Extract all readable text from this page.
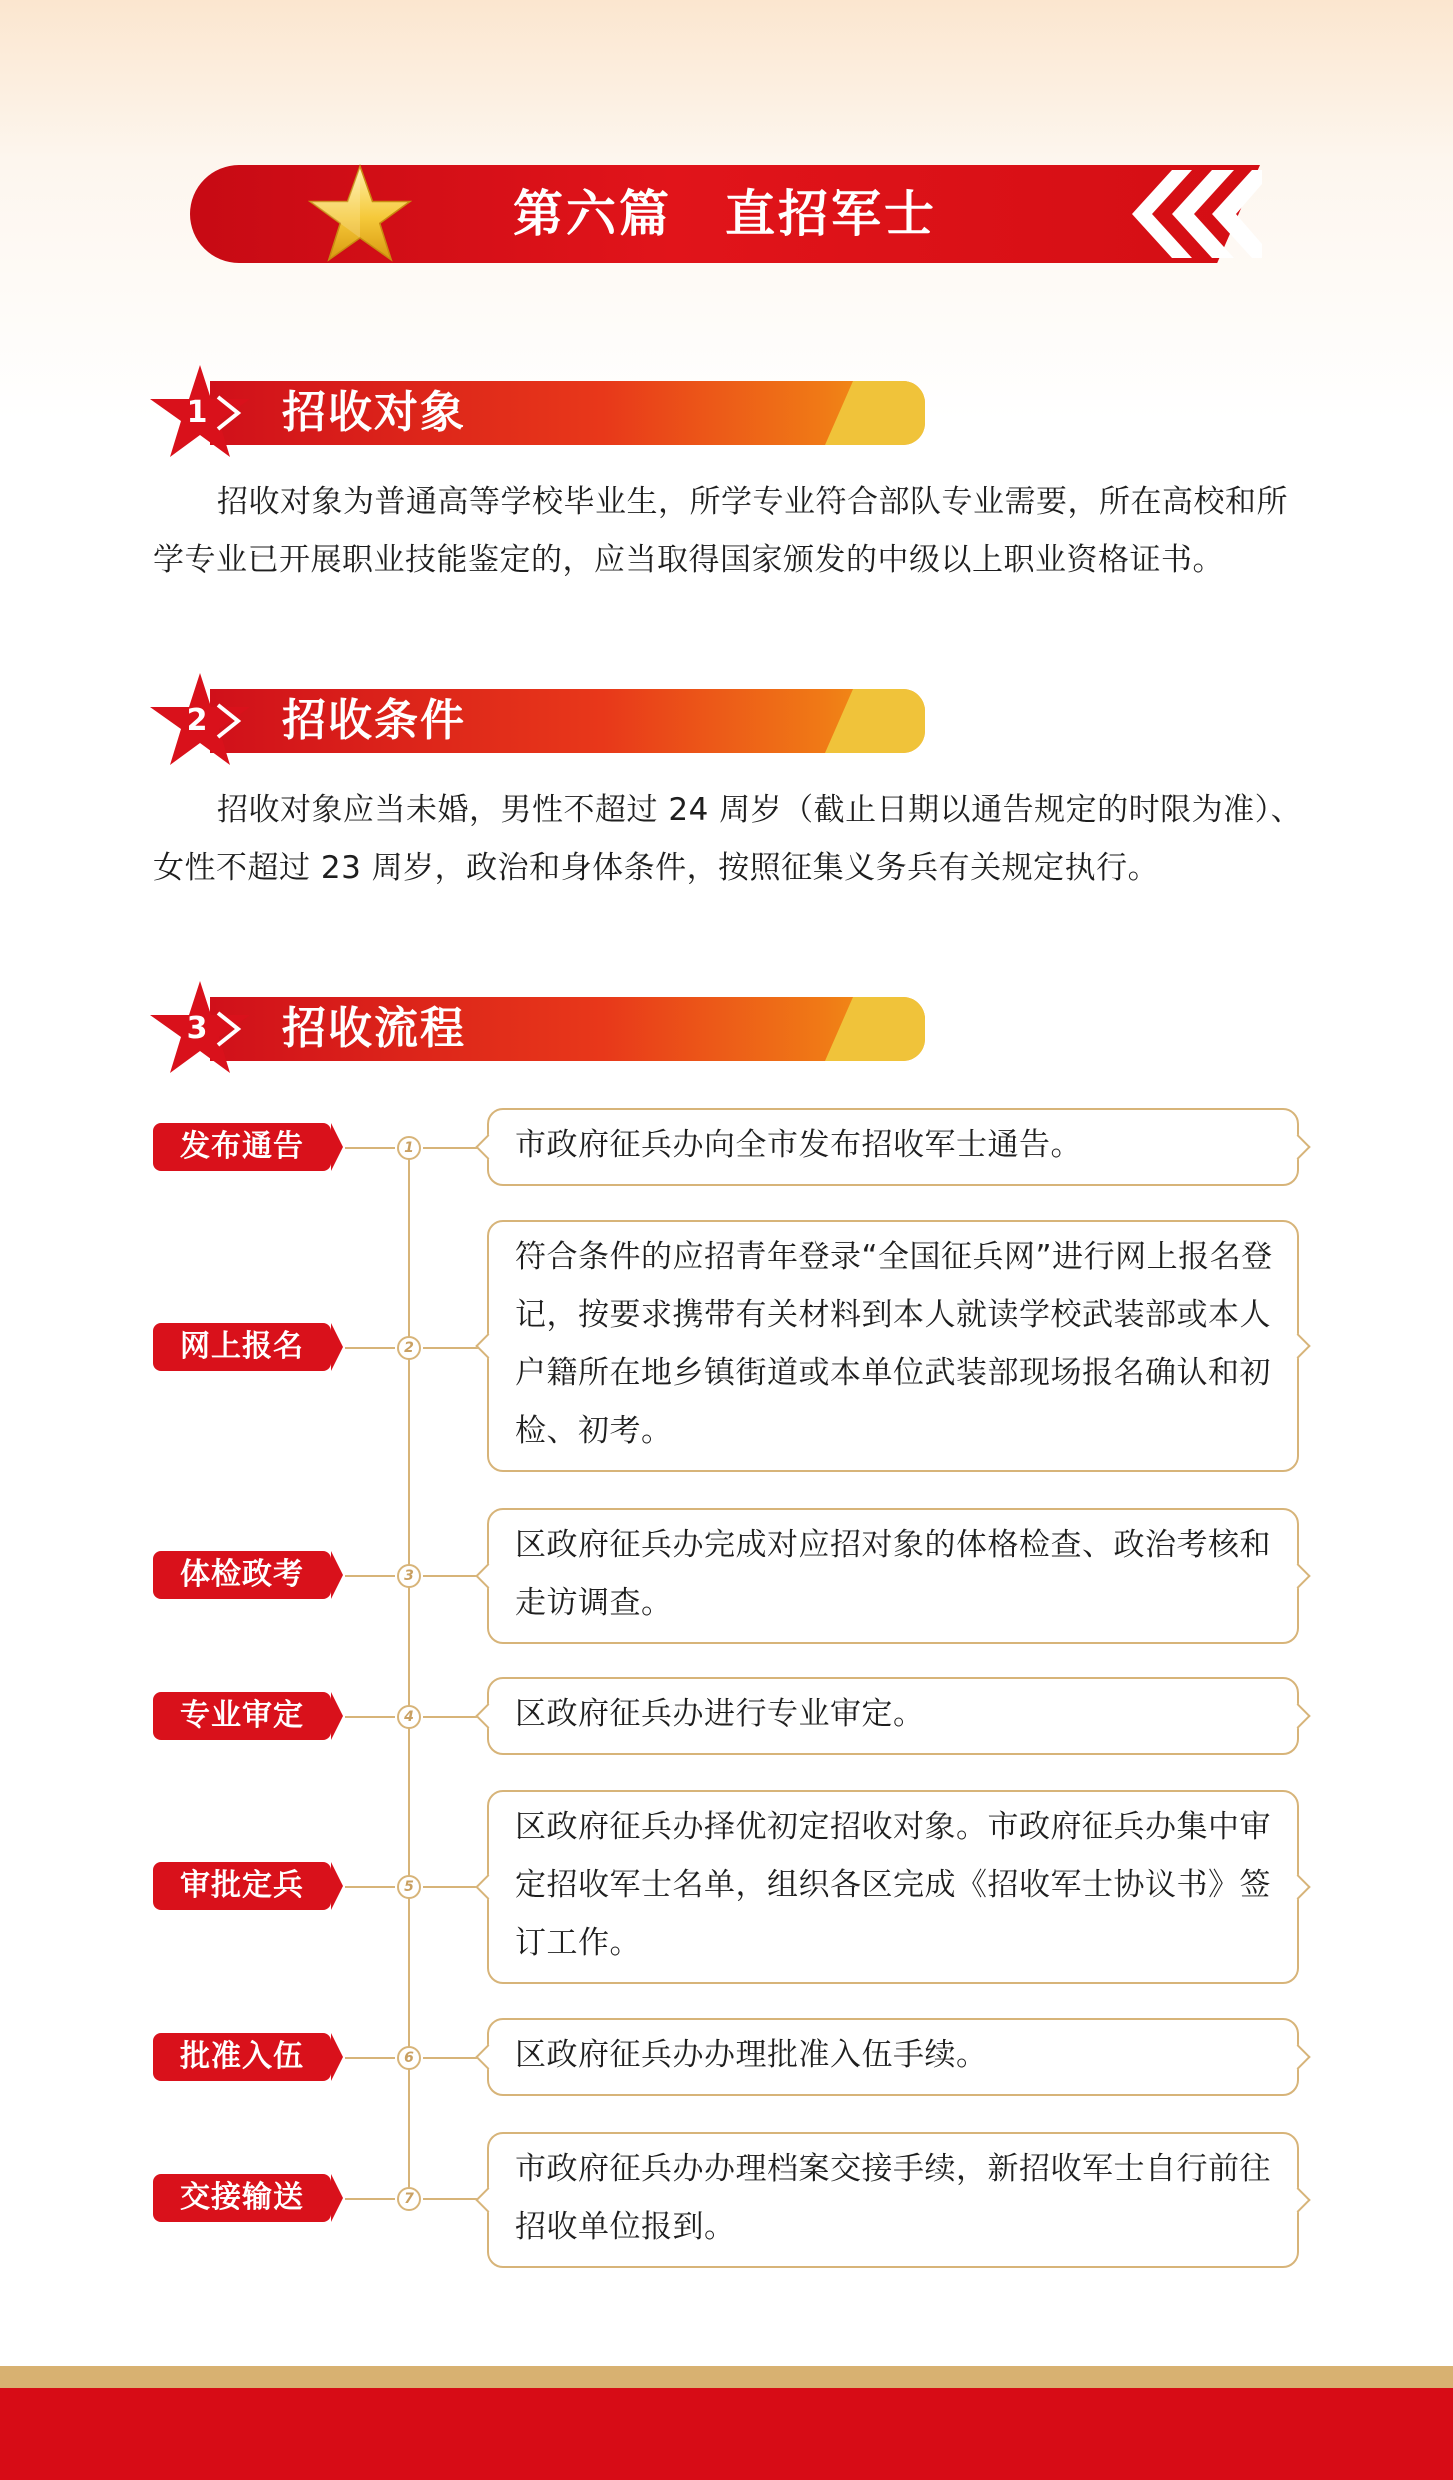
第六篇　直招军士
1 招收对象

招收对象为普通高等学校毕业生，所学专业符合部队专业需要，所在高校和所学专业已开展职业技能鉴定的，应当取得国家颁发的中级以上职业资格证书。

2 招收条件

招收对象应当未婚，男性不超过 24 周岁（截止日期以通告规定的时限为准）、女性不超过 23 周岁，政治和身体条件，按照征集义务兵有关规定执行。

3 招收流程
发布通告	1	市政府征兵办向全市发布招收军士通告。
网上报名	2
符合条件的应招青年登录“全国征兵网”进行网上报名登记，按要求携带有关材料到本人就读学校武装部或本人户籍所在地乡镇街道或本单位武装部现场报名确认和初检、初考。
体检政考	3
区政府征兵办完成对应招对象的体格检查、政治考核和走访调查。
专业审定	4	区政府征兵办进行专业审定。
审批定兵	5
区政府征兵办择优初定招收对象。市政府征兵办集中审定招收军士名单，组织各区完成《招收军士协议书》签订工作。
批准入伍	6	区政府征兵办办理批准入伍手续。
交接输送	7
市政府征兵办办理档案交接手续，新招收军士自行前往招收单位报到。
